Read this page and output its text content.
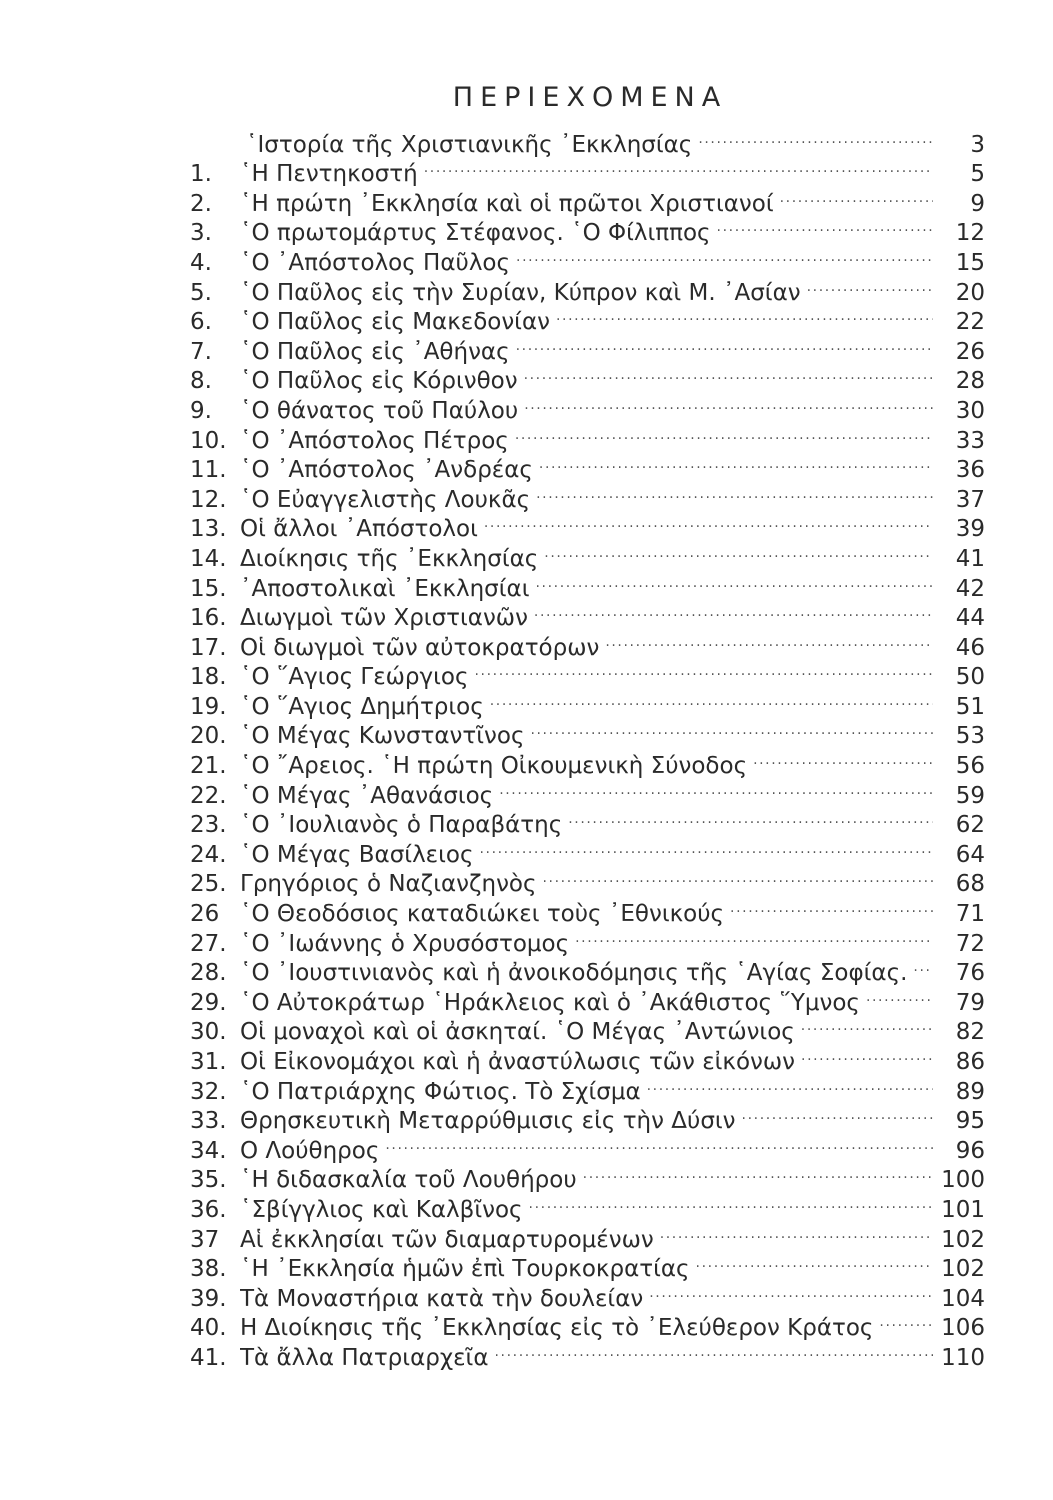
ΠΕΡΙΕΧΟΜΕΝΑ
῾Ιστορία τῆς Χριστιανικῆς ᾿Εκκλησίας .....	3
1.	῾Η Πεντηκοστή .....	5
2.	῾Η πρώτη ᾿Εκκλησία καὶ οἱ πρῶτοι Χριστιανοί .....	9
3.	῾Ο πρωτομάρτυς Στέφανος. ῾Ο Φίλιππος .....	12
4.	῾Ο ᾿Απόστολος Παῦλος .....	15
5.	῾Ο Παῦλος εἰς τὴν Συρίαν, Κύπρον καὶ Μ. ᾿Ασίαν .....	20
6.	῾Ο Παῦλος εἰς Μακεδονίαν .....	22
7.	῾Ο Παῦλος εἰς ᾿Αθήνας .....	26
8.	῾Ο Παῦλος εἰς Κόρινθον .....	28
9.	῾Ο θάνατος τοῦ Παύλου .....	30
10. ῾Ο ᾿Απόστολος Πέτρος .....	33
11. ῾Ο ᾿Απόστολος ᾿Ανδρέας .....	36
12. ῾Ο Εὐαγγελιστὴς Λουκᾶς .....	37
13. Οἱ ἄλλοι ᾿Απόστολοι .....	39
14. Διοίκησις τῆς ᾿Εκκλησίας .....	41
15. ᾿Αποστολικαὶ ᾿Εκκλησίαι .....	42
16. Διωγμοὶ τῶν Χριστιανῶν .....	44
17. Οἱ διωγμοὶ τῶν αὐτοκρατόρων .....	46
18. ῾Ο ῞Αγιος Γεώργιος .....	50
19. ῾Ο ῞Αγιος Δημήτριος .....	51
20. ῾Ο Μέγας Κωνσταντῖνος .....	53
21. ῾Ο ῎Αρειος. ῾Η πρώτη Οἰκουμενικὴ Σύνοδος .....	56
22. ῾Ο Μέγας ᾿Αθανάσιος .....	59
23. ῾Ο ᾿Ιουλιανὸς ὁ Παραβάτης .....	62
24. ῾Ο Μέγας Βασίλειος .....	64
25. Γρηγόριος ὁ Ναζιανζηνὸς .....	68
26 ῾Ο Θεοδόσιος καταδιώκει τοὺς ᾿Εθνικούς .....	71
27. ῾Ο ᾿Ιωάννης ὁ Χρυσόστομος .....	72
28. ῾Ο ᾿Ιουστινιανὸς καὶ ἡ ἀνοικοδόμησις τῆς ῾Αγίας Σοφίας. .....	76
29. ῾Ο Αὐτοκράτωρ ῾Ηράκλειος καὶ ὁ ᾿Ακάθιστος ῞Υμνος .....	79
30. Οἱ μοναχοὶ καὶ οἱ ἀσκηταί. ῾Ο Μέγας ᾿Αντώνιος .....	82
31. Οἱ Εἰκονομάχοι καὶ ἡ ἀναστύλωσις τῶν εἰκόνων .....	86
32. ῾Ο Πατριάρχης Φώτιος. Τὸ Σχίσμα .....	89
33. Θρησκευτικὴ Μεταρρύθμισις εἰς τὴν Δύσιν .....	95
34. Ο Λούθηρος .....	96
35. ῾Η διδασκαλία τοῦ Λουθήρου .....	100
36. ῾Σβίγγλιος καὶ Καλβῖνος .....	101
37 Αἱ ἐκκλησίαι τῶν διαμαρτυρομένων .....	102
38. ῾Η ᾿Εκκλησία ἡμῶν ἐπὶ Τουρκοκρατίας .....	102
39. Τὰ Μοναστήρια κατὰ τὴν δουλείαν .....	104
40. Η Διοίκησις τῆς ᾿Εκκλησίας εἰς τὸ ᾿Ελεύθερον Κράτος .....	106
41. Τὰ ἄλλα Πατριαρχεῖα .....	110
